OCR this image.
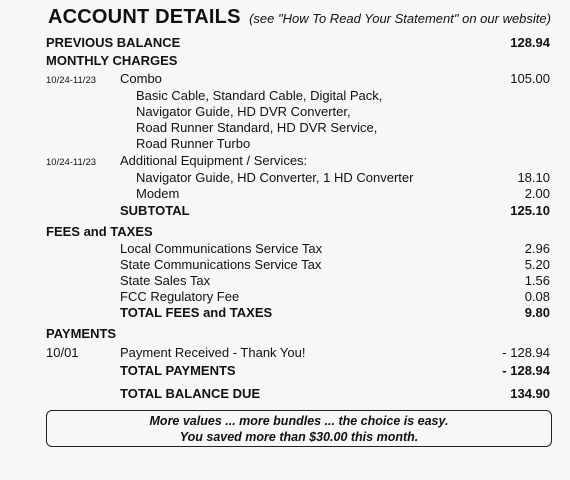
ACCOUNT DETAILS (see "How To Read Your Statement" on our website)
PREVIOUS BALANCE	128.94
MONTHLY CHARGES
10/24-11/23 Combo	105.00
Basic Cable, Standard Cable, Digital Pack,
Navigator Guide, HD DVR Converter,
Road Runner Standard, HD DVR Service,
Road Runner Turbo
10/24-11/23 Additional Equipment / Services:
Navigator Guide, HD Converter, 1 HD Converter	18.10
Modem	2.00
SUBTOTAL	125.10
FEES and TAXES
Local Communications Service Tax	2.96
State Communications Service Tax	5.20
State Sales Tax	1.56
FCC Regulatory Fee	0.08
TOTAL FEES and TAXES	9.80
PAYMENTS
10/01	Payment Received - Thank You!	- 128.94
TOTAL PAYMENTS	- 128.94
TOTAL BALANCE DUE	134.90
More values ... more bundles ... the choice is easy.
You saved more than $30.00 this month.
